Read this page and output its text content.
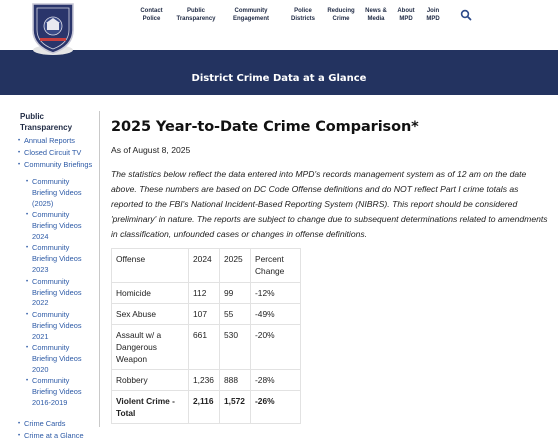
Contact
Police
Public
Transparency
Community
Engagement
Police
Districts
Reducing
Crime
News &
Media
About
MPD
Join
MPD
District Crime Data at a Glance
Public Transparency
• Annual Reports
• Closed Circuit TV
• Community Briefings
• Community
Briefing Videos
(2025)
• Community
Briefing Videos
2024
• Community
Briefing Videos
2023
• Community
Briefing Videos
2022
• Community
Briefing Videos
2021
• Community
Briefing Videos
2020
• Community
Briefing Videos
2016-2019
• Crime Cards
• Crime at a Glance
2025 Year-to-Date Crime Comparison*

As of August 8, 2025

The statistics below reflect the data entered into MPD's records management system as of 12 am on the date above. These numbers are based on DC Code Offense definitions and do NOT reflect Part I crime totals as reported to the FBI's National Incident-Based Reporting System (NIBRS). This report should be considered 'preliminary' in nature. The reports are subject to change due to subsequent determinations related to amendments in classification, unfounded cases or changes in offense definitions.

Offense	2024	2025	Percent Change
Homicide	112	99	-12%
Sex Abuse	107	55	-49%
Assault w/ a Dangerous Weapon	661	530	-20%
Robbery	1,236	888	-28%
Violent Crime - Total	2,116	1,572	-26%
